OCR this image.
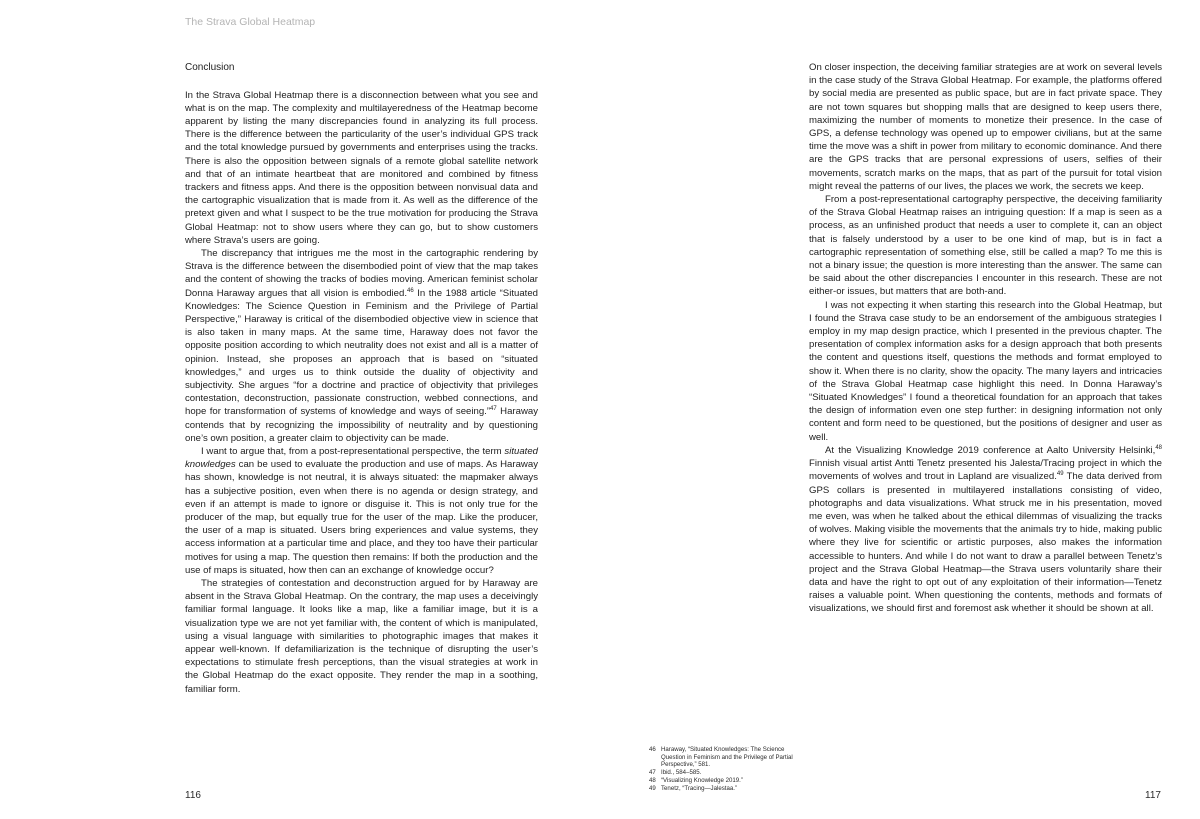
The Strava Global Heatmap
Conclusion

In the Strava Global Heatmap there is a disconnection between what you see and what is on the map. The complexity and multilayeredness of the Heatmap become apparent by listing the many discrepancies found in analyzing its full process. There is the difference between the particularity of the user’s individual GPS track and the total knowledge pursued by governments and enterprises using the tracks. There is also the opposition between signals of a remote global satellite network and that of an intimate heartbeat that are monitored and combined by fitness trackers and fitness apps. And there is the opposition between nonvisual data and the cartographic visualization that is made from it. As well as the difference of the pretext given and what I suspect to be the true motivation for producing the Strava Global Heatmap: not to show users where they can go, but to show customers where Strava’s users are going.

The discrepancy that intrigues me the most in the cartographic rendering by Strava is the difference between the disembodied point of view that the map takes and the content of showing the tracks of bodies moving. American feminist scholar Donna Haraway argues that all vision is embodied.$^{46}$ In the 1988 article “Situated Knowledges: The Science Question in Feminism and the Privilege of Partial Perspective,” Haraway is critical of the disembodied objective view in science that is also taken in many maps. At the same time, Haraway does not favor the opposite position according to which neutrality does not exist and all is a matter of opinion. Instead, she proposes an approach that is based on “situated knowledges,” and urges us to think outside the duality of objectivity and subjectivity. She argues “for a doctrine and practice of objectivity that privileges contestation, deconstruction, passionate construction, webbed connections, and hope for transformation of systems of knowledge and ways of seeing.”$^{47}$ Haraway contends that by recognizing the impossibility of neutrality and by questioning one’s own position, a greater claim to objectivity can be made.

I want to argue that, from a post-representational perspective, the term situated knowledges can be used to evaluate the production and use of maps. As Haraway has shown, knowledge is not neutral, it is always situated: the mapmaker always has a subjective position, even when there is no agenda or design strategy, and even if an attempt is made to ignore or disguise it. This is not only true for the producer of the map, but equally true for the user of the map. Like the producer, the user of a map is situated. Users bring experiences and value systems, they access information at a particular time and place, and they too have their particular motives for using a map. The question then remains: If both the production and the use of maps is situated, how then can an exchange of knowledge occur?

The strategies of contestation and deconstruction argued for by Haraway are absent in the Strava Global Heatmap. On the contrary, the map uses a deceivingly familiar formal language. It looks like a map, like a familiar image, but it is a visualization type we are not yet familiar with, the content of which is manipulated, using a visual language with similarities to photographic images that makes it appear well-known. If defamiliarization is the technique of disrupting the user’s expectations to stimulate fresh perceptions, than the visual strategies at work in the Global Heatmap do the exact opposite. They render the map in a soothing, familiar form.

On closer inspection, the deceiving familiar strategies are at work on several levels in the case study of the Strava Global Heatmap. For example, the platforms offered by social media are presented as public space, but are in fact private space. They are not town squares but shopping malls that are designed to keep users there, maximizing the number of moments to monetize their presence. In the case of GPS, a defense technology was opened up to empower civilians, but at the same time the move was a shift in power from military to economic dominance. And there are the GPS tracks that are personal expressions of users, selfies of their movements, scratch marks on the maps, that as part of the pursuit for total vision might reveal the patterns of our lives, the places we work, the secrets we keep.

From a post-representational cartography perspective, the deceiving familiarity of the Strava Global Heatmap raises an intriguing question: If a map is seen as a process, as an unfinished product that needs a user to complete it, can an object that is falsely understood by a user to be one kind of map, but is in fact a cartographic representation of something else, still be called a map? To me this is not a binary issue; the question is more interesting than the answer. The same can be said about the other discrepancies I encounter in this research. These are not either-or issues, but matters that are both-and.

I was not expecting it when starting this research into the Global Heatmap, but I found the Strava case study to be an endorsement of the ambiguous strategies I employ in my map design practice, which I presented in the previous chapter. The presentation of complex information asks for a design approach that both presents the content and questions itself, questions the methods and format employed to show it. When there is no clarity, show the opacity. The many layers and intricacies of the Strava Global Heatmap case highlight this need. In Donna Haraway’s “Situated Knowledges” I found a theoretical foundation for an approach that takes the design of information even one step further: in designing information not only content and form need to be questioned, but the positions of designer and user as well.

At the Visualizing Knowledge 2019 conference at Aalto University Helsinki,$^{48}$ Finnish visual artist Antti Tenetz presented his Jalesta/Tracing project in which the movements of wolves and trout in Lapland are visualized.$^{49}$ The data derived from GPS collars is presented in multilayered installations consisting of video, photographs and data visualizations. What struck me in his presentation, moved me even, was when he talked about the ethical dilemmas of visualizing the tracks of wolves. Making visible the movements that the animals try to hide, making public where they live for scientific or artistic purposes, also makes the information accessible to hunters. And while I do not want to draw a parallel between Tenetz’s project and the Strava Global Heatmap—the Strava users voluntarily share their data and have the right to opt out of any exploitation of their information—Tenetz raises a valuable point. When questioning the contents, methods and formats of visualizations, we should first and foremost ask whether it should be shown at all.

46 Haraway, “Situated Knowledges: The Science Question in Feminism and the Privilege of Partial Perspective,” 581.
47 Ibid., 584–585.
48 “Visualizing Knowledge 2019.”
49 Tenetz, “Tracing—Jalestaa.”
116	117
